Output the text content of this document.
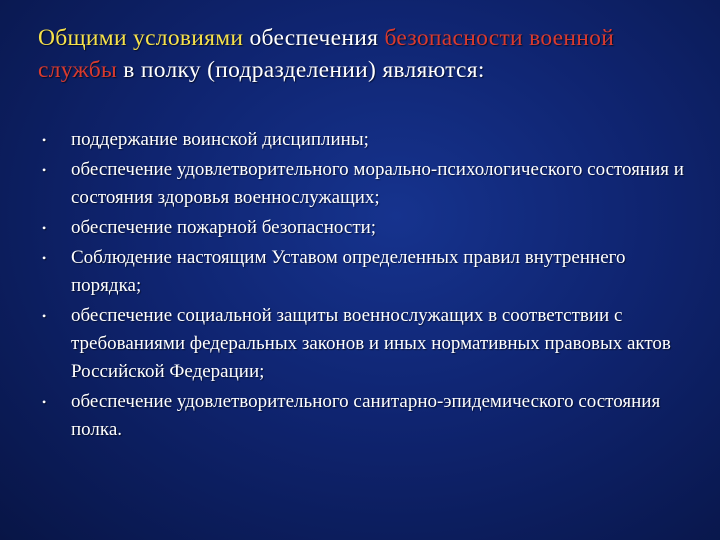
Общими условиями обеспечения безопасности военной службы в полку (подразделении) являются:
• поддержание воинской дисциплины;
• обеспечение удовлетворительного морально-психологического состояния и состояния здоровья военнослужащих;
• обеспечение пожарной безопасности;
• Соблюдение настоящим Уставом определенных правил внутреннего порядка;
• обеспечение социальной защиты военнослужащих в соответствии с требованиями федеральных законов и иных нормативных правовых актов Российской Федерации;
• обеспечение удовлетворительного санитарно-эпидемического состояния полка.
